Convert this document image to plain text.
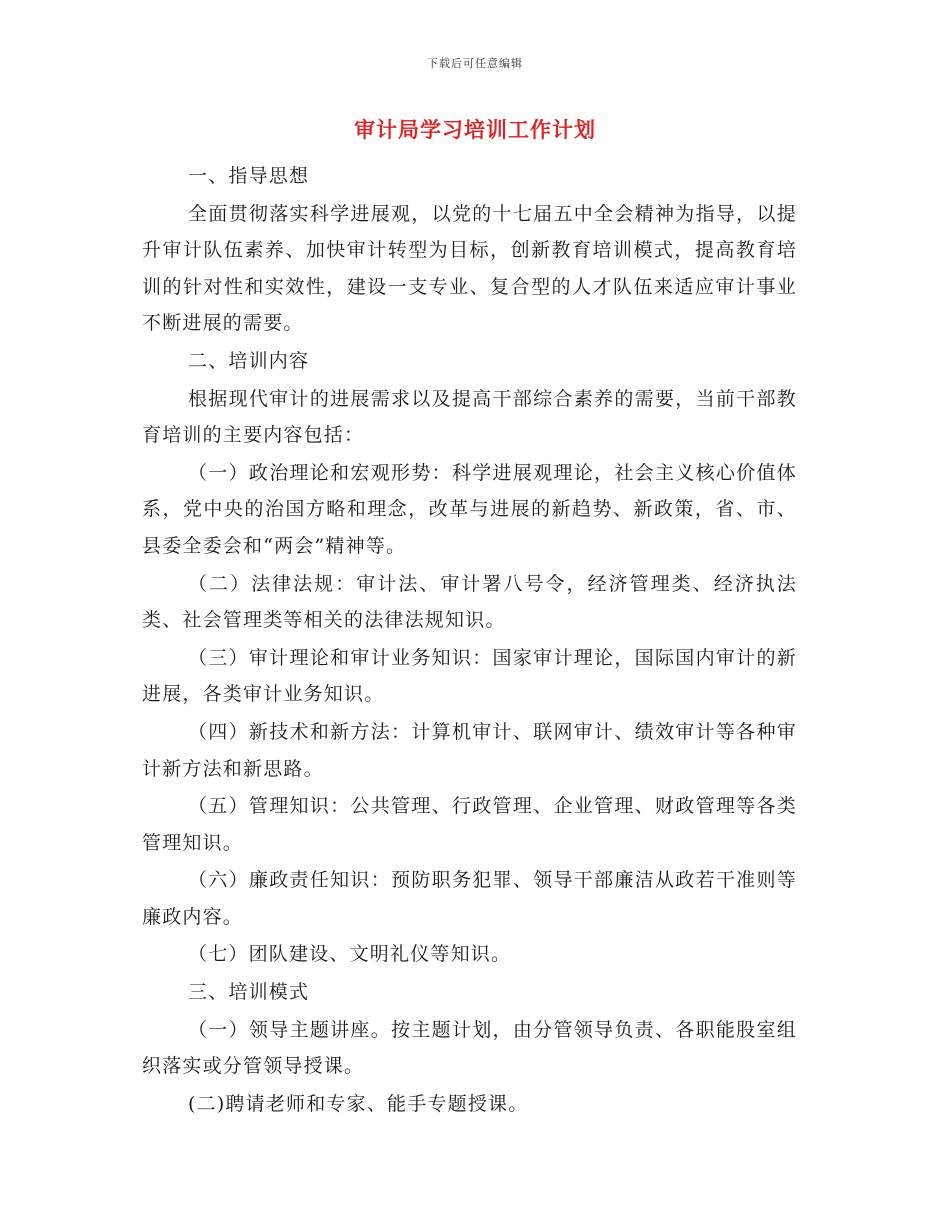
下载后可任意编辑
审计局学习培训工作计划

一、指导思想

全面贯彻落实科学进展观，以党的十七届五中全会精神为指导，以提升审计队伍素养、加快审计转型为目标，创新教育培训模式，提高教育培训的针对性和实效性，建设一支专业、复合型的人才队伍来适应审计事业不断进展的需要。

二、培训内容

根据现代审计的进展需求以及提高干部综合素养的需要，当前干部教育培训的主要内容包括：

（一）政治理论和宏观形势：科学进展观理论，社会主义核心价值体系，党中央的治国方略和理念，改革与进展的新趋势、新政策，省、市、县委全委会和“两会”精神等。

（二）法律法规：审计法、审计署八号令，经济管理类、经济执法类、社会管理类等相关的法律法规知识。

（三）审计理论和审计业务知识：国家审计理论，国际国内审计的新进展，各类审计业务知识。

（四）新技术和新方法：计算机审计、联网审计、绩效审计等各种审计新方法和新思路。

（五）管理知识：公共管理、行政管理、企业管理、财政管理等各类管理知识。

（六）廉政责任知识：预防职务犯罪、领导干部廉洁从政若干准则等廉政内容。

（七）团队建设、文明礼仪等知识。

三、培训模式

（一）领导主题讲座。按主题计划，由分管领导负责、各职能股室组织落实或分管领导授课。

(二)聘请老师和专家、能手专题授课。
